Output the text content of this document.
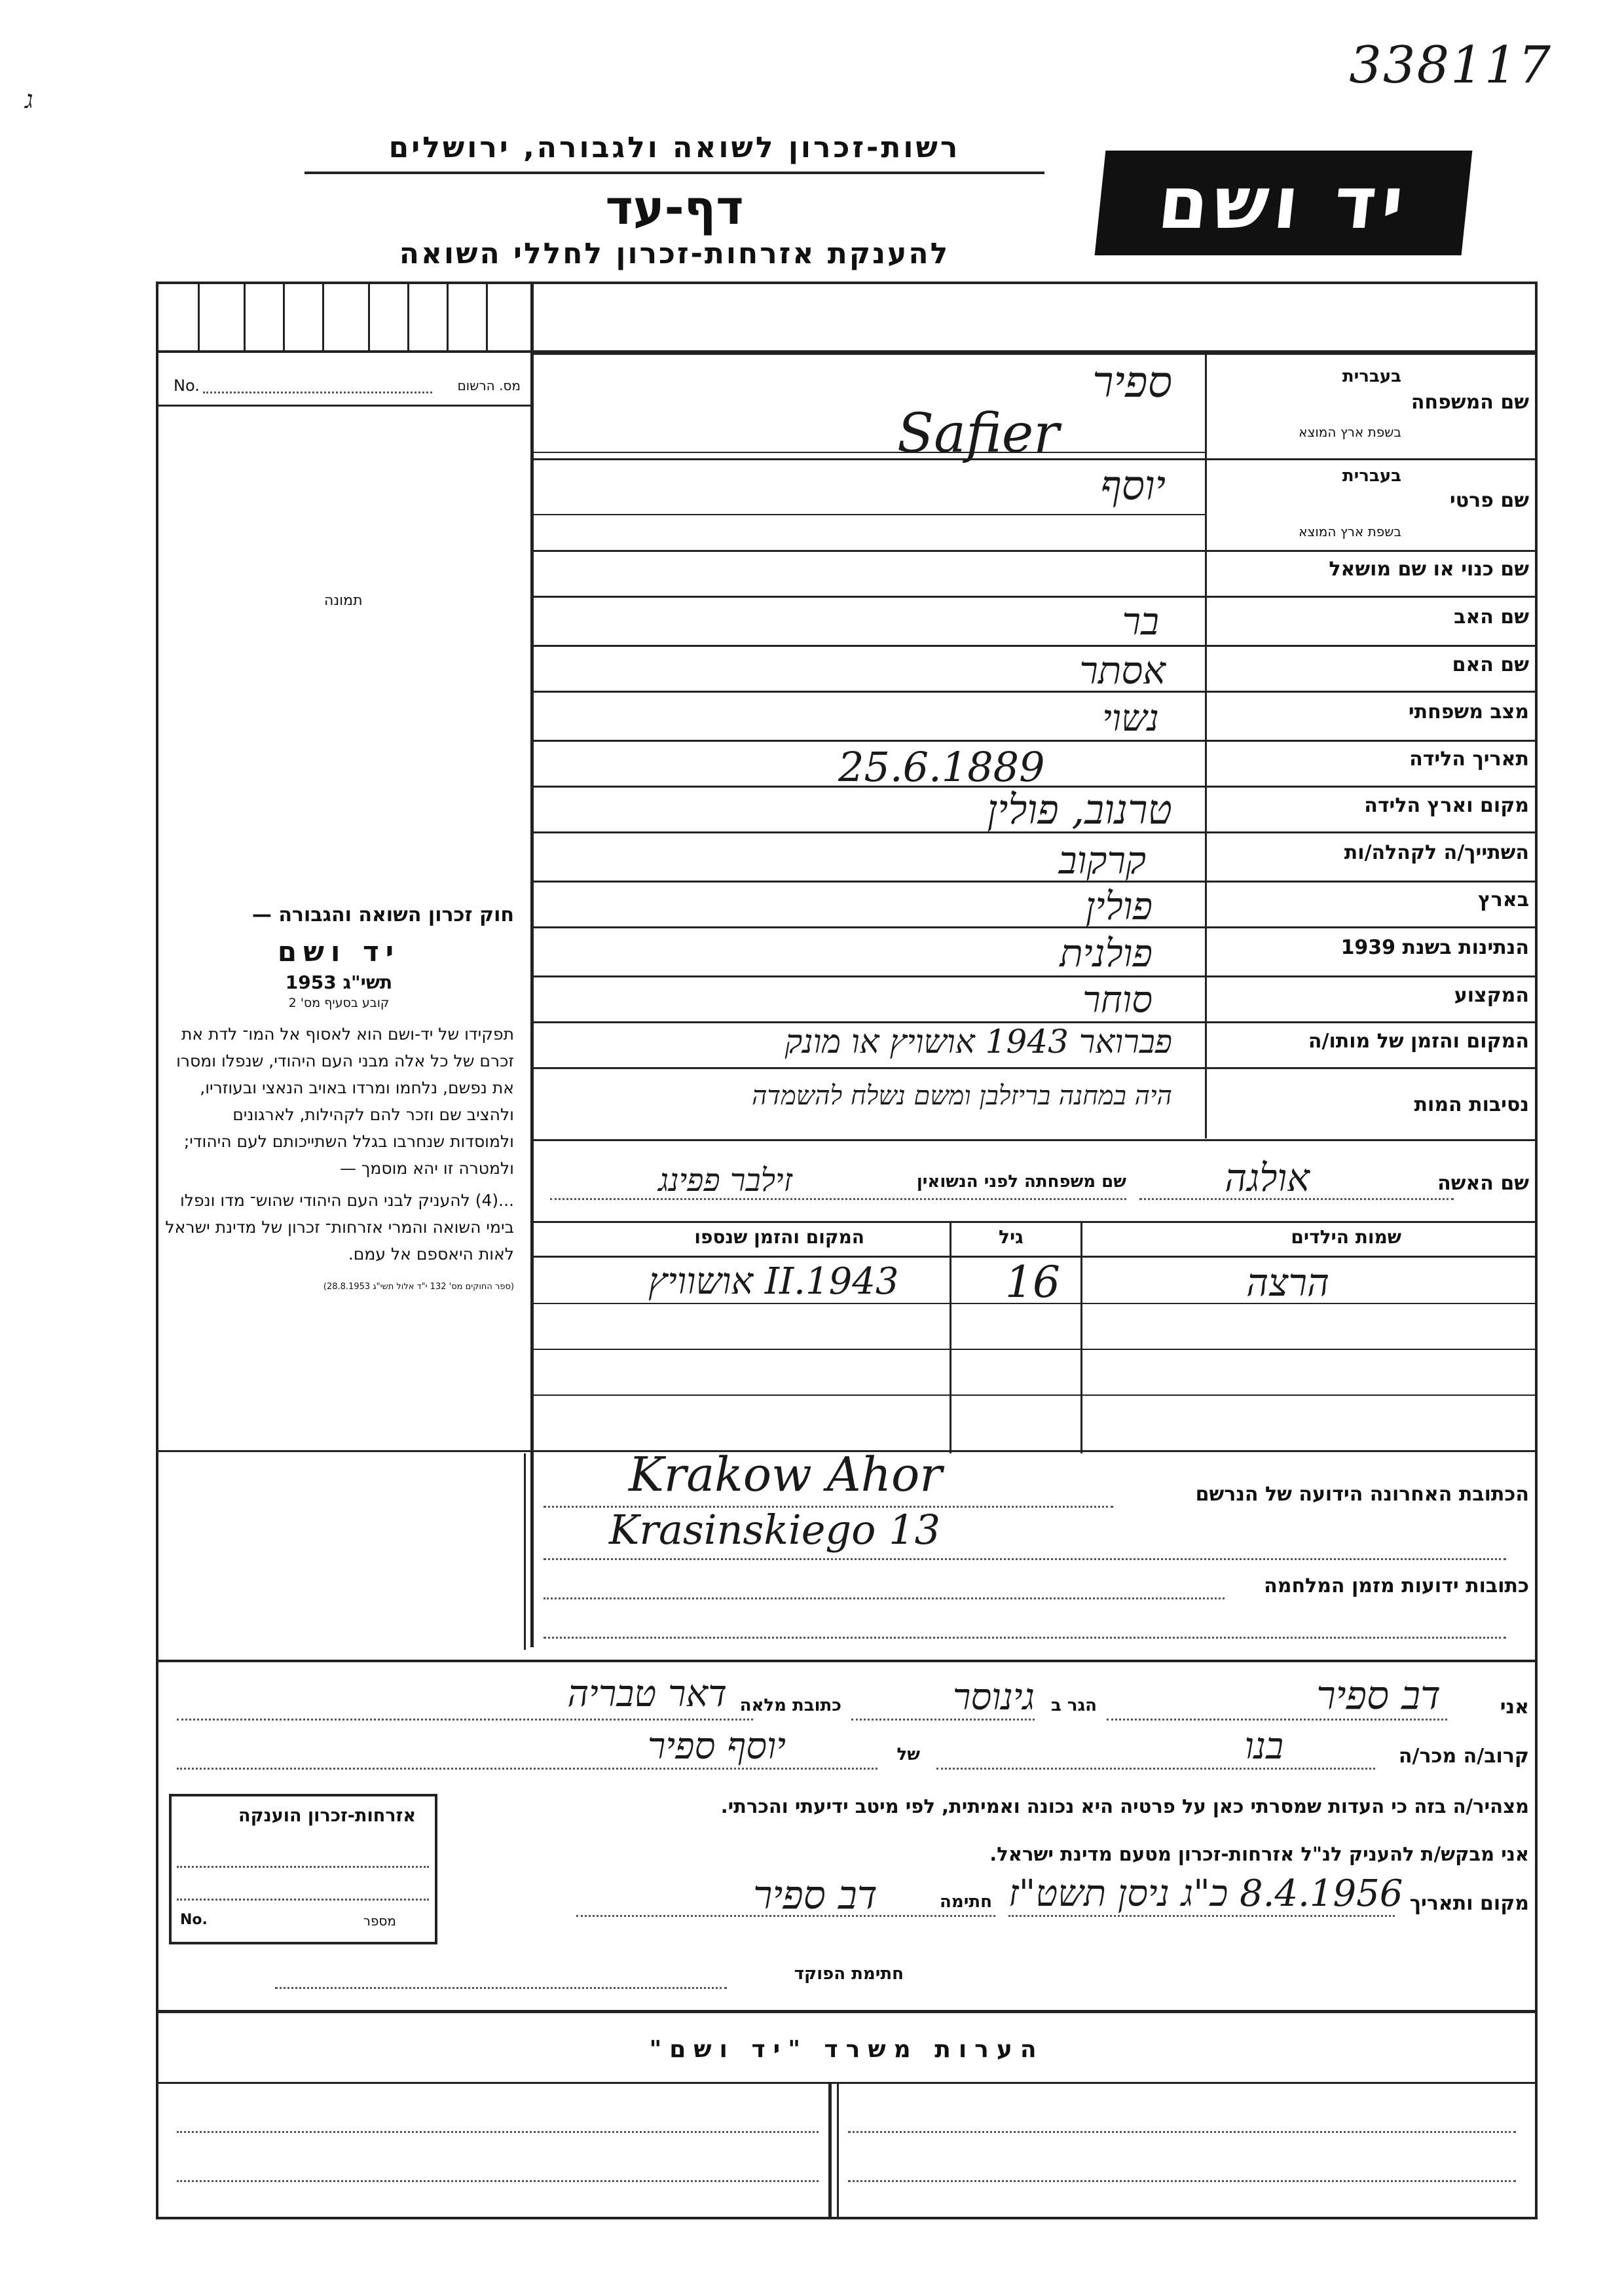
338117
ג
רשות-זכרון לשואה ולגבורה, ירושלים
דף-עד
להענקת אזרחות-זכרון לחללי השואה
יד ושם
No.	מס. הרשום
תמונה
חוק זכרון השואה והגבורה —
יד ושם
תשי"ג 1953
קובע בסעיף מס' 2
תפקידו של יד-ושם הוא לאסוף אל המו־ לדת את זכרם של כל אלה מבני העם היהודי, שנפלו ומסרו את נפשם, נלחמו ומרדו באויב הנאצי ובעוזריו, ולהציב שם וזכר להם לקהילות, לארגונים ולמוסדות שנחרבו בגלל השתייכותם לעם היהודי; ולמטרה זו יהא מוסמך —
...(4) להעניק לבני העם היהודי שהוש־ מדו ונפלו בימי השואה והמרי אזרחות־ זכרון של מדינת ישראל לאות היאספם אל עמם.
(ספר החוקים מס' 132 י"ד אלול תשי"ג 28.8.1953)
שם המשפחה
בעברית
בשפת ארץ המוצא
שם פרטי
בעברית
בשפת ארץ המוצא
שם כנוי או שם מושאל
שם האב
שם האם
מצב משפחתי
תאריך הלידה
מקום וארץ הלידה
השתייך/ה לקהלה/ות
בארץ
הנתינות בשנת 1939
המקצוע
המקום והזמן של מותו/ה
נסיבות המות
ספיר
Safier
יוסף
בר
אסתר
נשוי
25.6.1889
טרנוב, פולין
קרקוב
פולין
פולנית
סוחר
פברואר 1943 אושויץ או מונק
היה במחנה בריזלבן ומשם נשלח להשמדה
שם האשה
אולגה
שם משפחתה לפני הנשואין
זילבר פפינג
שמות הילדים
גיל
המקום והזמן שנספו
הרצה
16
אושוויץ II.1943
הכתובת האחרונה הידועה של הנרשם
Krakow Ahor
Krasinskiego 13
כתובות ידועות מזמן המלחמה
אני
דב ספיר
הגר ב
גינוסר
כתובת מלאה
דאר טבריה
קרוב/ה מכר/ה
בנו
של
יוסף ספיר
מצהיר/ה בזה כי העדות שמסרתי כאן על פרטיה היא נכונה ואמיתית, לפי מיטב ידיעתי והכרתי.
אני מבקש/ת להעניק לנ"ל אזרחות-זכרון מטעם מדינת ישראל.
מקום ותאריך
8.4.1956 כ"ג ניסן תשט"ז
חתימה
דב ספיר
חתימת הפוקד
אזרחות-זכרון הוענקה
No.	מספר
הערות משרד "יד ושם"
